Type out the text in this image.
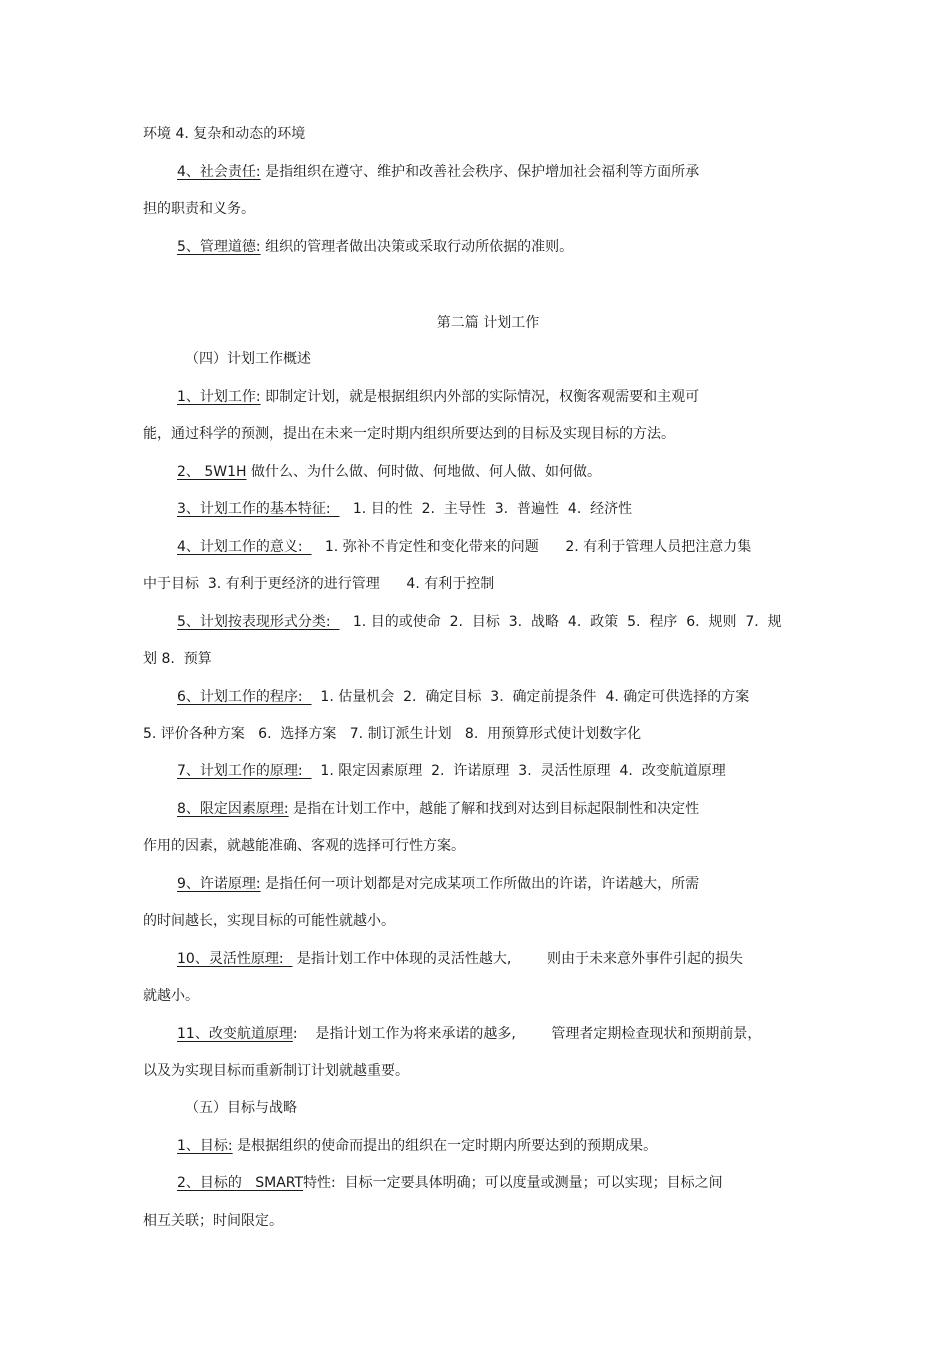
环境 4. 复杂和动态的环境
4、社会责任: 是指组织在遵守、维护和改善社会秩序、保护增加社会福利等方面所承
担的职责和义务。
5、管理道德: 组织的管理者做出决策或采取行动所依据的准则。
第二篇 计划工作
（四）计划工作概述
1、计划工作: 即制定计划，就是根据组织内外部的实际情况，权衡客观需要和主观可
能，通过科学的预测，提出在未来一定时期内组织所要达到的目标及实现目标的方法。
2、 5W1H 做什么、为什么做、何时做、何地做、何人做、如何做。
3、计划工作的基本特征:     1. 目的性  2.  主导性  3.  普遍性  4.  经济性
4、计划工作的意义:     1. 弥补不肯定性和变化带来的问题      2. 有利于管理人员把注意力集
中于目标  3. 有利于更经济的进行管理      4. 有利于控制
5、计划按表现形式分类:     1. 目的或使命  2.  目标  3.  战略  4.  政策  5.  程序  6.  规则  7.  规
划 8.  预算
6、计划工作的程序:    1. 估量机会  2.  确定目标  3.  确定前提条件  4. 确定可供选择的方案
5. 评价各种方案   6.  选择方案   7. 制订派生计划   8.  用预算形式使计划数字化
7、计划工作的原理:    1. 限定因素原理  2.  许诺原理  3.  灵活性原理  4.  改变航道原理
8、限定因素原理: 是指在计划工作中，越能了解和找到对达到目标起限制性和决定性
作用的因素，就越能准确、客观的选择可行性方案。
9、许诺原理: 是指任何一项计划都是对完成某项工作所做出的许诺，许诺越大，所需
的时间越长，实现目标的可能性就越小。
10、灵活性原理:   是指计划工作中体现的灵活性越大,        则由于未来意外事件引起的损失
就越小。
11、改变航道原理:    是指计划工作为将来承诺的越多,        管理者定期检查现状和预期前景，
以及为实现目标而重新制订计划就越重要。
（五）目标与战略
1、目标: 是根据组织的使命而提出的组织在一定时期内所要达到的预期成果。
2、目标的   SMART特性:  目标一定要具体明确；可以度量或测量；可以实现；目标之间
相互关联；时间限定。
